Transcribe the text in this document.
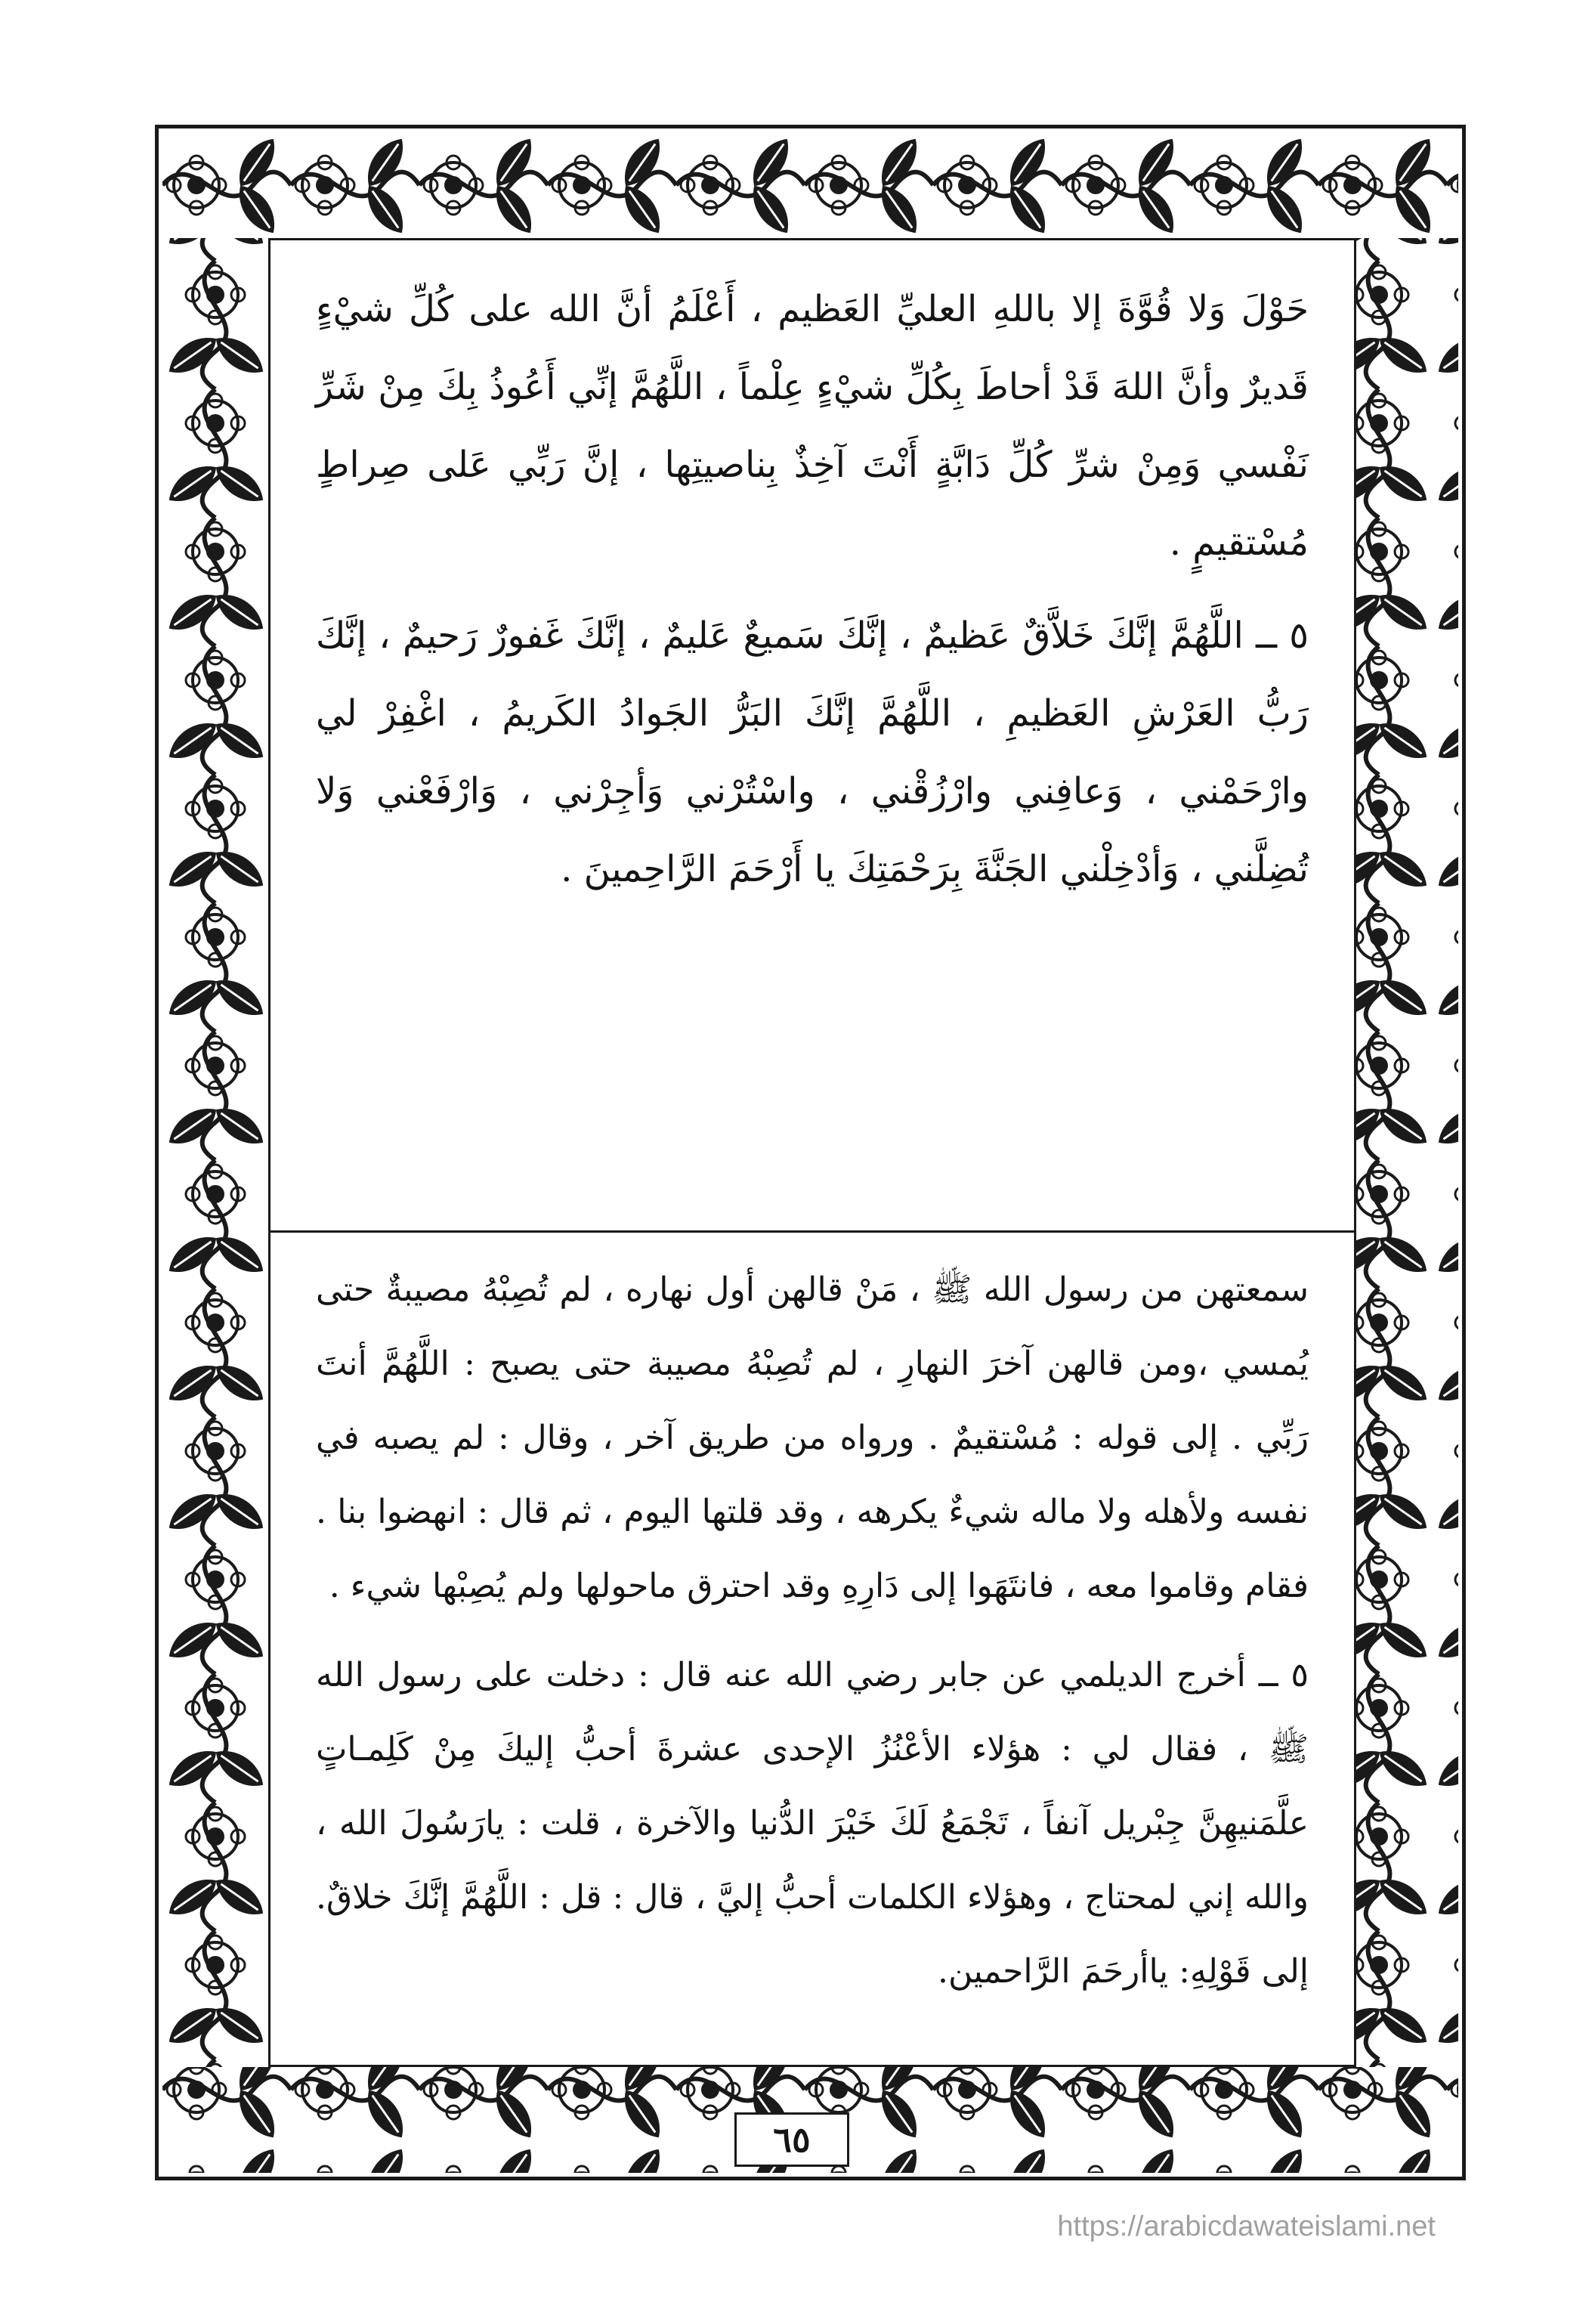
حَوْلَ وَلا قُوَّةَ إلا باللهِ العليِّ العَظيم ، أَعْلَمُ أنَّ الله على كُلِّ شيْءٍ قَديرٌ وأنَّ اللهَ قَدْ أحاطَ بِكُلِّ شيْءٍ عِلْماً ، اللَّهُمَّ إنِّي أَعُوذُ بِكَ مِنْ شَرِّ نَفْسي وَمِنْ شرِّ كُلِّ دَابَّةٍ أَنْتَ آخِذٌ بِناصيتِها ، إنَّ رَبِّي عَلى صِراطٍ مُسْتقيمٍ .

٥ ــ اللَّهُمَّ إنَّكَ خَلاَّقٌ عَظيمٌ ، إنَّكَ سَميعٌ عَليمٌ ، إنَّكَ غَفورٌ رَحيمٌ ، إنَّكَ رَبُّ العَرْشِ العَظيمِ ، اللَّهُمَّ إنَّكَ البَرُّ الجَوادُ الكَريمُ ، اغْفِرْ لي وارْحَمْني ، وَعافِني وارْزُقْني ، واسْتُرْني وَأجِرْني ، وَارْفَعْني وَلا تُضِلَّني ، وَأدْخِلْني الجَنَّةَ بِرَحْمَتِكَ يا أَرْحَمَ الرَّاحِمينَ .

سمعتهن من رسول الله ﷺ ، مَنْ قالهن أول نهاره ، لم تُصِبْهُ مصيبةٌ حتى يُمسي ،ومن قالهن آخرَ النهارِ ، لم تُصِبْهُ مصيبة حتى يصبح : اللَّهُمَّ أنتَ رَبِّي . إلى قوله : مُسْتقيمٌ . ورواه من طريق آخر ، وقال : لم يصبه في نفسه ولأهله ولا ماله شيءٌ يكرهه ، وقد قلتها اليوم ، ثم قال : انهضوا بنا . فقام وقاموا معه ، فانتَهَوا إلى دَارِهِ وقد احترق ماحولها ولم يُصِبْها شيء .

٥ ــ أخرج الديلمي عن جابر رضي الله عنه قال : دخلت على رسول الله ﷺ ، فقال لي : هؤلاء الأعْنُزُ الإحدى عشرةَ أحبُّ إليكَ مِنْ كَلِمـاتٍ علَّمَنيهِنَّ جِبْريل آنفاً ، تَجْمَعُ لَكَ خَيْرَ الدُّنيا والآخرة ، قلت : يارَسُولَ الله ، والله إني لمحتاج ، وهؤلاء الكلمات أحبُّ إليَّ ، قال : قل : اللَّهُمَّ إنَّكَ خلاقٌ. إلى قَوْلِهِ: ياأرحَمَ الرَّاحمين.

٦٥
https://arabicdawateislami.net
